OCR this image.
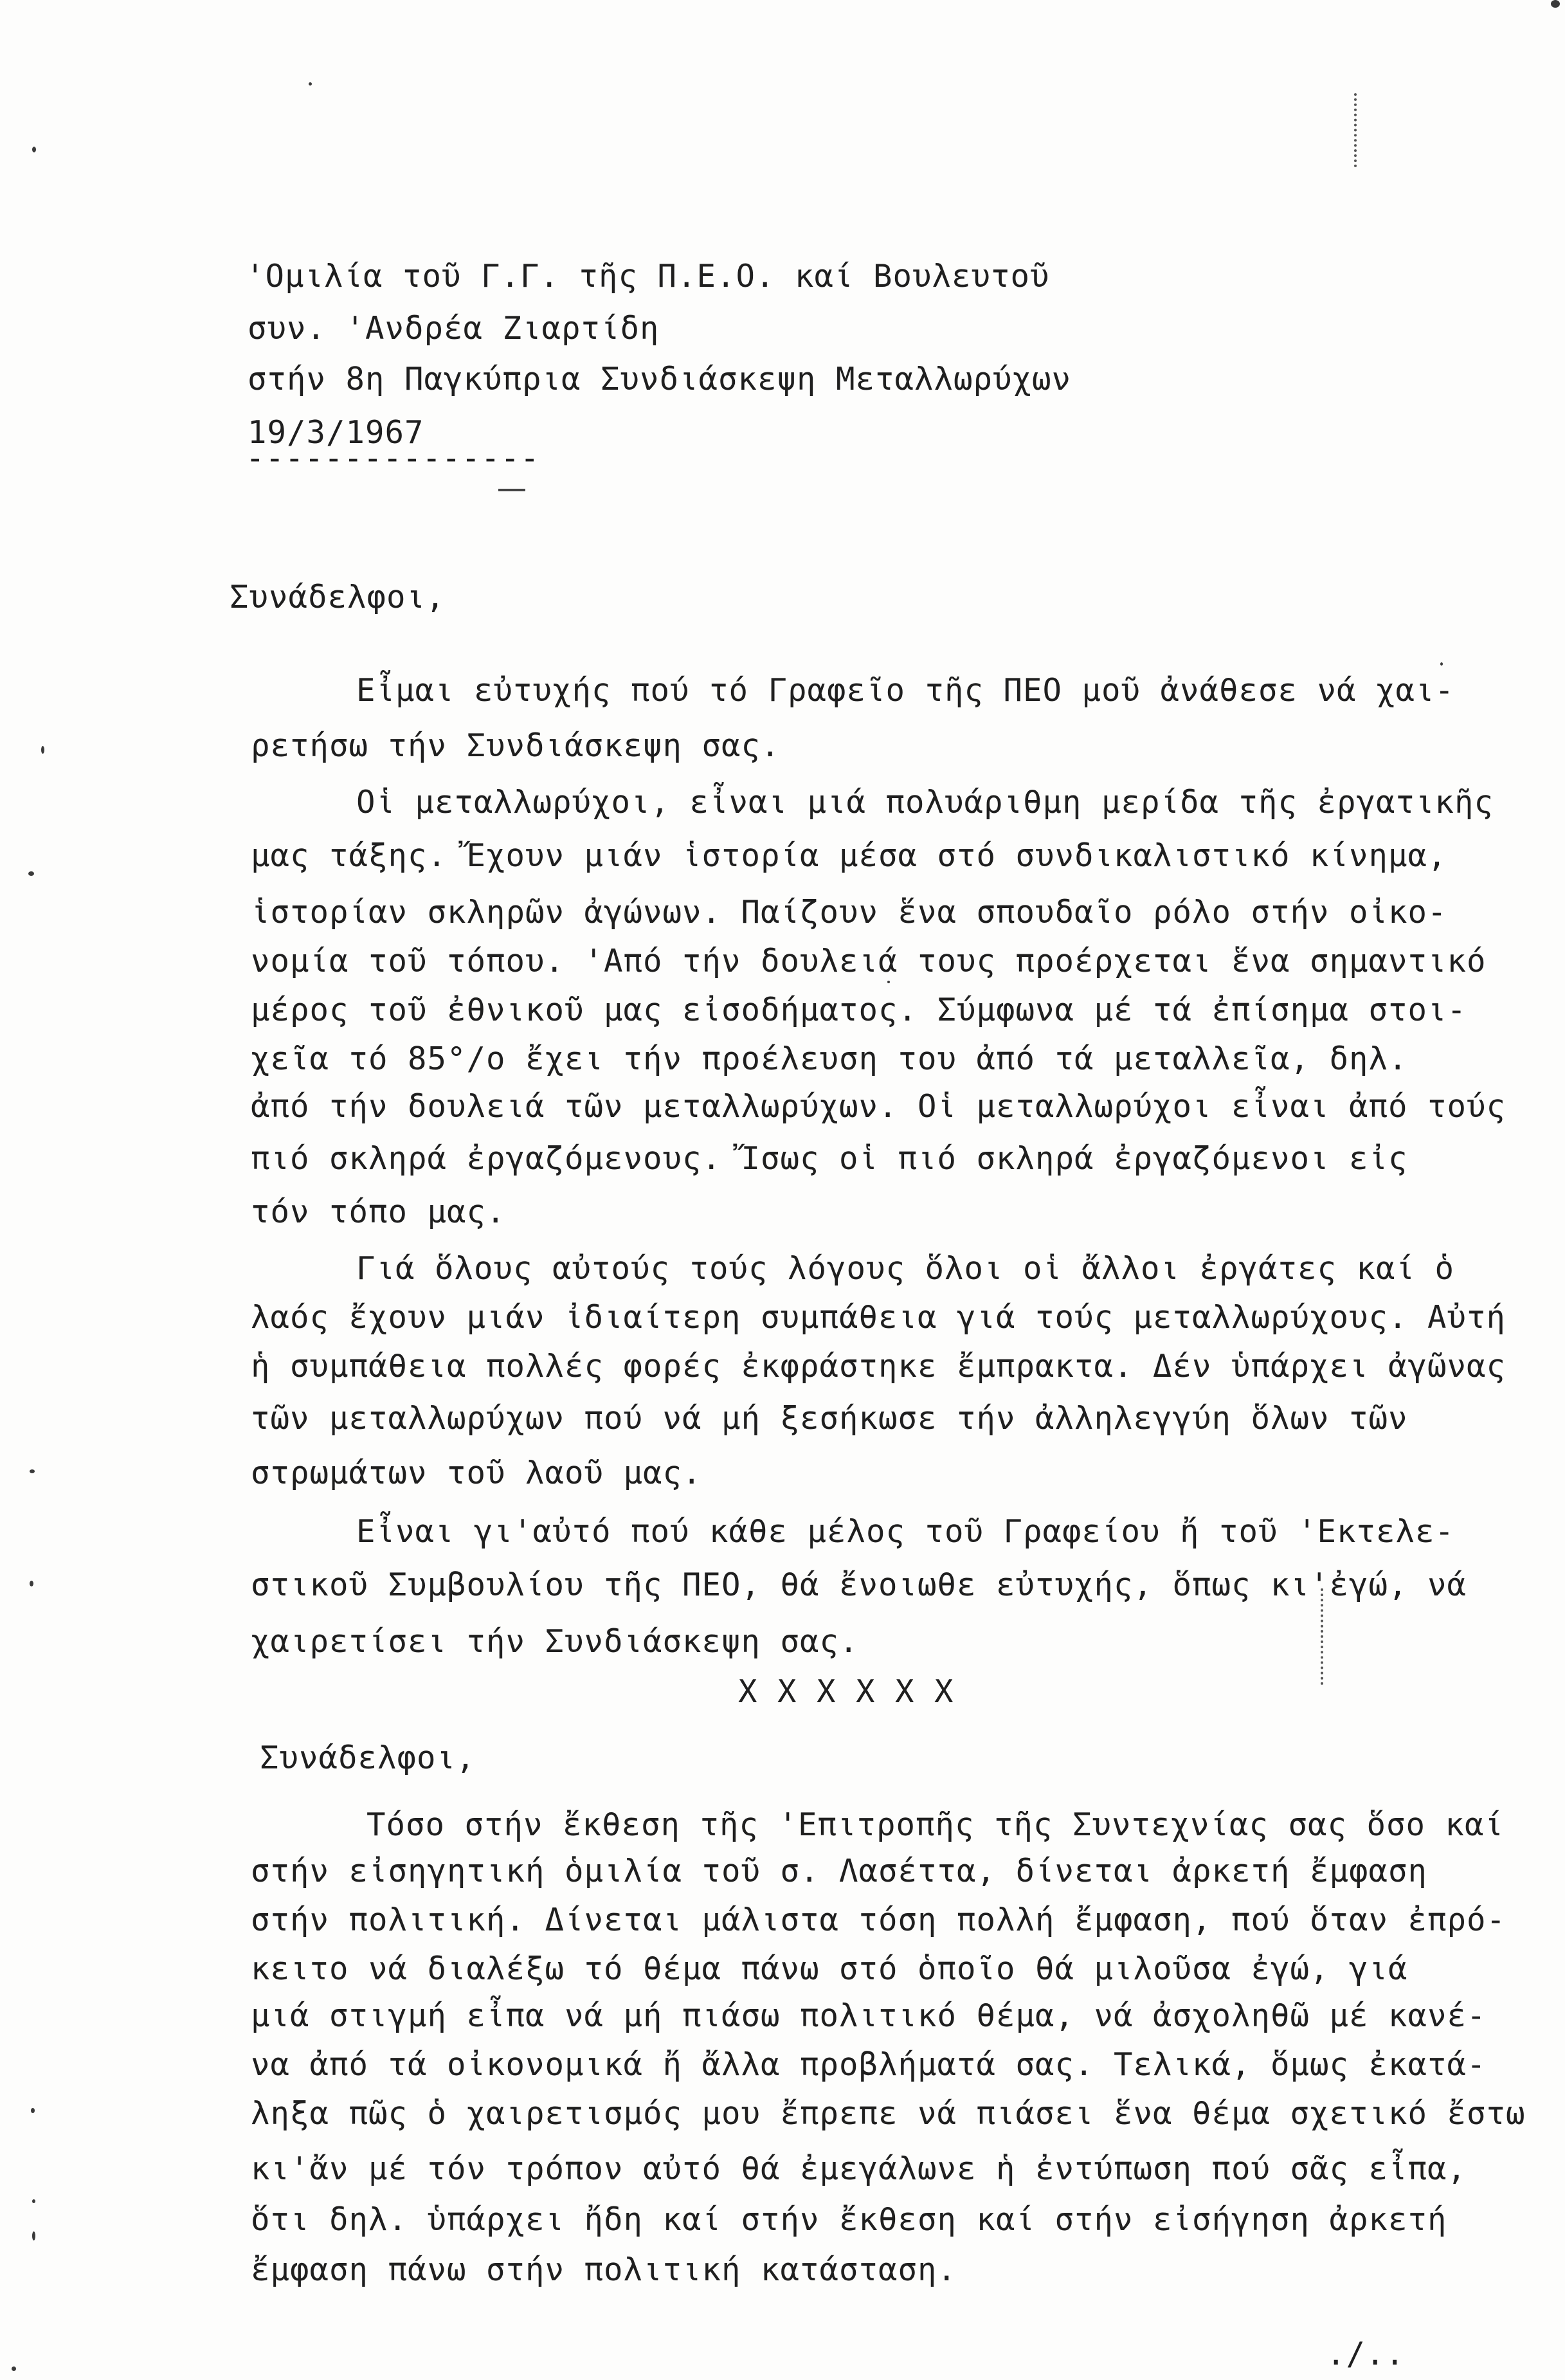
'Ομιλία τοῦ Γ.Γ. τῆς Π.Ε.Ο. καί Βουλευτοῦ
συν. 'Ανδρέα Ζιαρτίδη
στήν 8η Παγκύπρια Συνδιάσκεψη Μεταλλωρύχων
19/3/1967
---------------
Συνάδελφοι,
Εἶμαι εὐτυχής πού τό Γραφεῖο τῆς ΠΕΟ μοῦ ἀνάθεσε νά χαι-
ρετήσω τήν Συνδιάσκεψη σας.
Οἱ μεταλλωρύχοι, εἶναι μιά πολυάριθμη μερίδα τῆς ἐργατικῆς
μας τάξης. Ἔχουν μιάν ἱστορία μέσα στό συνδικαλιστικό κίνημα,
ἱστορίαν σκληρῶν ἀγώνων. Παίζουν ἕνα σπουδαῖο ρόλο στήν οἰκο-
νομία τοῦ τόπου. 'Από τήν δουλειά τους προέρχεται ἕνα σημαντικό
μέρος τοῦ ἐθνικοῦ μας εἰσοδήματος. Σύμφωνα μέ τά ἐπίσημα στοι-
χεῖα τό 85°/ο ἔχει τήν προέλευση του ἀπό τά μεταλλεῖα, δηλ.
ἀπό τήν δουλειά τῶν μεταλλωρύχων. Οἱ μεταλλωρύχοι εἶναι ἀπό τούς
πιό σκληρά ἐργαζόμενους. Ἴσως οἱ πιό σκληρά ἐργαζόμενοι εἰς
τόν τόπο μας.
Γιά ὅλους αὐτούς τούς λόγους ὅλοι οἱ ἄλλοι ἐργάτες καί ὁ
λαός ἔχουν μιάν ἰδιαίτερη συμπάθεια γιά τούς μεταλλωρύχους. Αὐτή
ἡ συμπάθεια πολλές φορές ἐκφράστηκε ἔμπρακτα. Δέν ὑπάρχει ἀγῶνας
τῶν μεταλλωρύχων πού νά μή ξεσήκωσε τήν ἀλληλεγγύη ὅλων τῶν
στρωμάτων τοῦ λαοῦ μας.
Εἶναι γι'αὐτό πού κάθε μέλος τοῦ Γραφείου ἤ τοῦ 'Εκτελε-
στικοῦ Συμβουλίου τῆς ΠΕΟ, θά ἔνοιωθε εὐτυχής, ὅπως κι'ἐγώ, νά
χαιρετίσει τήν Συνδιάσκεψη σας.
X X X X X X
Συνάδελφοι,
Τόσο στήν ἔκθεση τῆς 'Επιτροπῆς τῆς Συντεχνίας σας ὅσο καί
στήν εἰσηγητική ὁμιλία τοῦ σ. Λασέττα, δίνεται ἀρκετή ἔμφαση
στήν πολιτική. Δίνεται μάλιστα τόση πολλή ἔμφαση, πού ὅταν ἐπρό-
κειτο νά διαλέξω τό θέμα πάνω στό ὁποῖο θά μιλοῦσα ἐγώ, γιά
μιά στιγμή εἶπα νά μή πιάσω πολιτικό θέμα, νά ἀσχοληθῶ μέ κανέ-
να ἀπό τά οἰκονομικά ἤ ἄλλα προβλήματά σας. Τελικά, ὅμως ἐκατά-
ληξα πῶς ὁ χαιρετισμός μου ἔπρεπε νά πιάσει ἕνα θέμα σχετικό ἔστω
κι'ἄν μέ τόν τρόπον αὐτό θά ἐμεγάλωνε ἡ ἐντύπωση πού σᾶς εἶπα,
ὅτι δηλ. ὑπάρχει ἤδη καί στήν ἔκθεση καί στήν εἰσήγηση ἀρκετή
ἔμφαση πάνω στήν πολιτική κατάσταση.
./..
